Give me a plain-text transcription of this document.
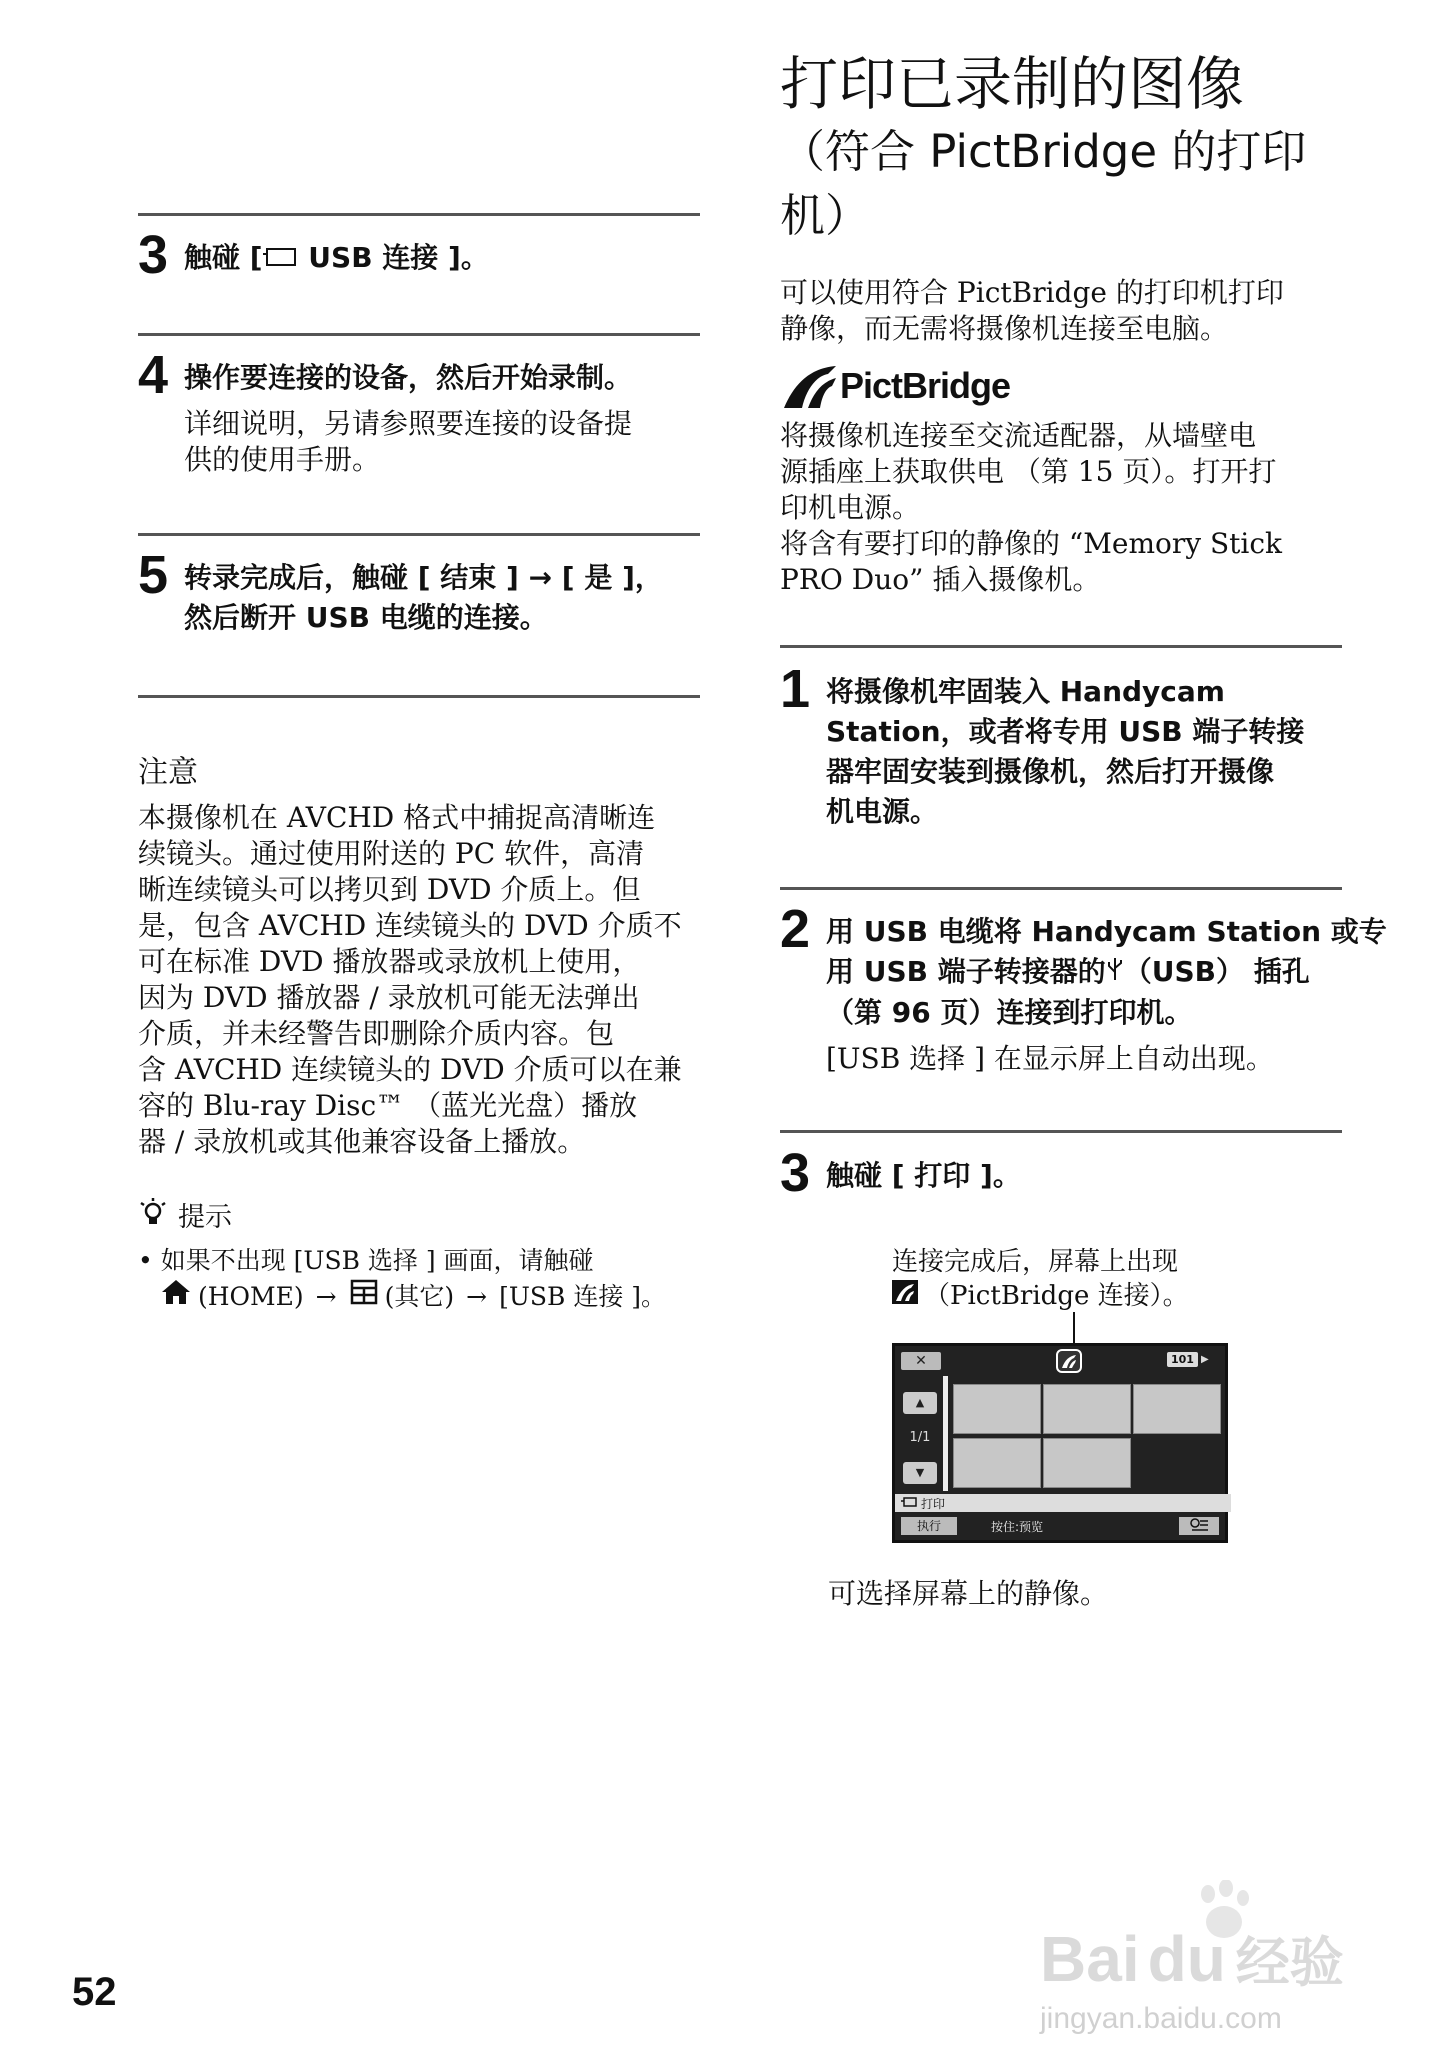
3 触碰 [ USB 连接 ]。
4 操作要连接的设备，然后开始录制。
详细说明，另请参照要连接的设备提
供的使用手册。
5 转录完成后，触碰 [ 结束 ] → [ 是 ]，
然后断开 USB 电缆的连接。
注意
本摄像机在 AVCHD 格式中捕捉高清晰连
续镜头。通过使用附送的 PC 软件，高清
晰连续镜头可以拷贝到 DVD 介质上。但
是，包含 AVCHD 连续镜头的 DVD 介质不
可在标准 DVD 播放器或录放机上使用，
因为 DVD 播放器 / 录放机可能无法弹出
介质，并未经警告即删除介质内容。包
含 AVCHD 连续镜头的 DVD 介质可以在兼
容的 Blu-ray Disc™ （蓝光光盘）播放
器 / 录放机或其他兼容设备上播放。
提示
• 如果不出现 [USB 选择 ] 画面，请触碰
(HOME) → (其它) → [USB 连接 ]。
52
打印已录制的图像
（符合 PictBridge 的打印
机）
可以使用符合 PictBridge 的打印机打印
静像，而无需将摄像机连接至电脑。
PictBridge
将摄像机连接至交流适配器，从墙壁电
源插座上获取供电 （第 15 页）。打开打
印机电源。
将含有要打印的静像的 “Memory Stick
PRO Duo” 插入摄像机。
1 将摄像机牢固装入 Handycam
Station，或者将专用 USB 端子转接
器牢固安装到摄像机，然后打开摄像
机电源。
2 用 USB 电缆将 Handycam Station 或专
用 USB 端子转接器的 （USB） 插孔
（第 96 页）连接到打印机。
[USB 选择 ] 在显示屏上自动出现。
3 触碰 [ 打印 ]。
连接完成后，屏幕上出现
（PictBridge 连接）。
✕	101 ▶
▲
1/1
▼
打印
执行	按住:预览
可选择屏幕上的静像。
Bai du 经验
jingyan.baidu.com
